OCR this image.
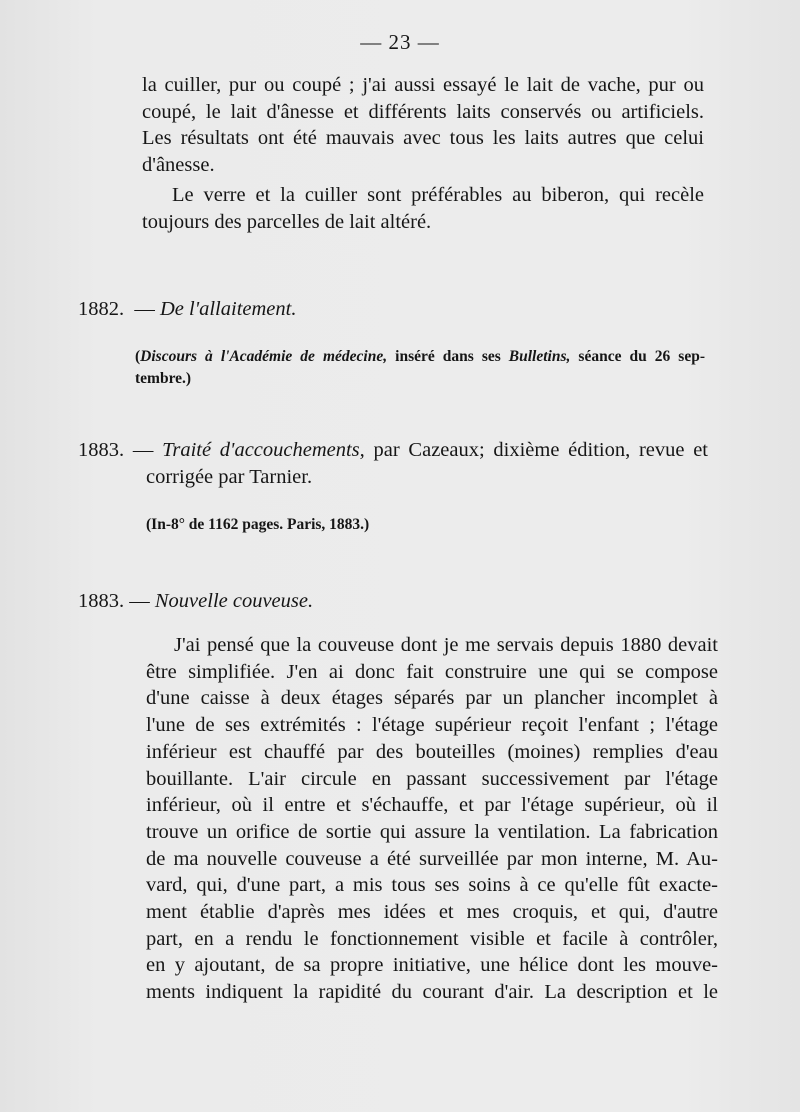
— 23 —
la cuiller, pur ou coupé ; j'ai aussi essayé le lait de vache, pur ou
coupé, le lait d'ânesse et différents laits conservés ou artificiels.
Les résultats ont été mauvais avec tous les laits autres que celui
d'ânesse.
Le verre et la cuiller sont préférables au biberon, qui recèle
toujours des parcelles de lait altéré.
1882. — De l'allaitement.
(Discours à l'Académie de médecine, inséré dans ses Bulletins, séance du 26 sep-
tembre.)
1883. — Traité d'accouchements, par Cazeaux; dixième édition, revue et
corrigée par Tarnier.
(In-8° de 1162 pages. Paris, 1883.)
1883. — Nouvelle couveuse.
J'ai pensé que la couveuse dont je me servais depuis 1880 devait
être simplifiée. J'en ai donc fait construire une qui se compose
d'une caisse à deux étages séparés par un plancher incomplet à
l'une de ses extrémités : l'étage supérieur reçoit l'enfant ; l'étage
inférieur est chauffé par des bouteilles (moines) remplies d'eau
bouillante. L'air circule en passant successivement par l'étage
inférieur, où il entre et s'échauffe, et par l'étage supérieur, où il
trouve un orifice de sortie qui assure la ventilation. La fabrication
de ma nouvelle couveuse a été surveillée par mon interne, M. Au-
vard, qui, d'une part, a mis tous ses soins à ce qu'elle fût exacte-
ment établie d'après mes idées et mes croquis, et qui, d'autre
part, en a rendu le fonctionnement visible et facile à contrôler,
en y ajoutant, de sa propre initiative, une hélice dont les mouve-
ments indiquent la rapidité du courant d'air. La description et le
